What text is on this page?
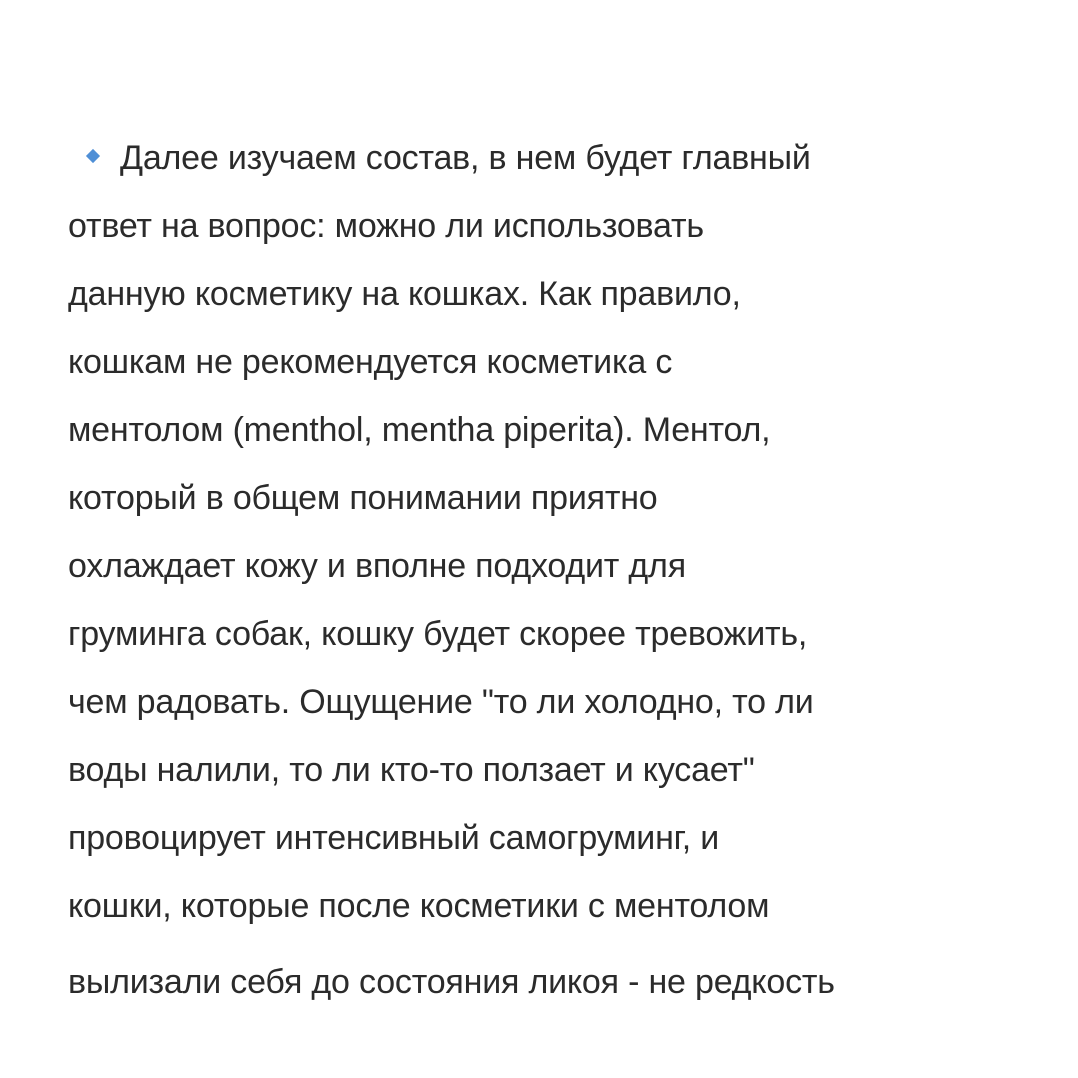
Далее изучаем состав, в нем будет главный
ответ на вопрос: можно ли использовать
данную косметику на кошках. Как правило,
кошкам не рекомендуется косметика с
ментолом (menthol, mentha piperita). Ментол,
который в общем понимании приятно
охлаждает кожу и вполне подходит для
груминга собак, кошку будет скорее тревожить,
чем радовать. Ощущение "то ли холодно, то ли
воды налили, то ли кто-то ползает и кусает"
провоцирует интенсивный самогруминг, и
кошки, которые после косметики с ментолом
вылизали себя до состояния ликоя - не редкость
